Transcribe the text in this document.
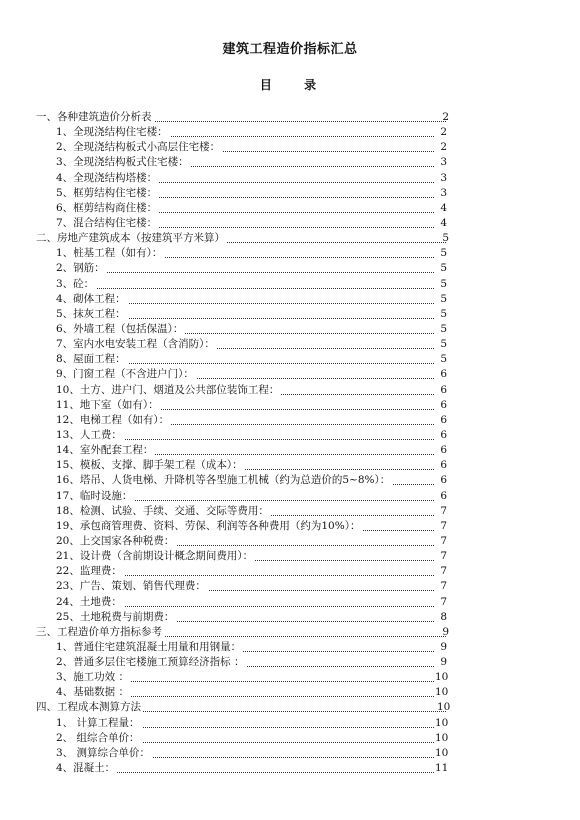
建筑工程造价指标汇总
目 录
一、各种建筑造价分析表	2
1、全现浇结构住宅楼：	2
2、全现浇结构板式小高层住宅楼：	2
3、全现浇结构板式住宅楼：	3
4、全现浇结构塔楼：	3
5、框剪结构住宅楼：	3
6、框剪结构商住楼：	4
7、混合结构住宅楼：	4
二、房地产建筑成本（按建筑平方米算）	5
1、桩基工程（如有）：	5
2、钢筋：	5
3、砼：	5
4、砌体工程：	5
5、抹灰工程：	5
6、外墙工程（包括保温）：	5
7、室内水电安装工程（含消防）：	5
8、屋面工程：	5
9、门窗工程（不含进户门）：	6
10、土方、进户门、烟道及公共部位装饰工程：	6
11、地下室（如有）：	6
12、电梯工程（如有）：	6
13、人工费：	6
14、室外配套工程：	6
15、模板、支撑、脚手架工程（成本）：	6
16、塔吊、人货电梯、升降机等各型施工机械（约为总造价的5~8%）：	6
17、临时设施：	6
18、检测、试验、手续、交通、交际等费用：	7
19、承包商管理费、资料、劳保、利润等各种费用（约为10%）：	7
20、上交国家各种税费：	7
21、设计费（含前期设计概念期间费用）：	7
22、监理费：	7
23、广告、策划、销售代理费：	7
24、土地费：	7
25、土地税费与前期费：	8
三、工程造价单方指标参考	9
1、普通住宅建筑混凝土用量和用钢量：	9
2、普通多层住宅楼施工预算经济指标 ：	9
3、施工功效 ：	10
4、基础数据 ：	10
四、工程成本测算方法	10
1、 计算工程量：	10
2、 组综合单价：	10
3、 测算综合单价：	10
4、混凝土：	11
